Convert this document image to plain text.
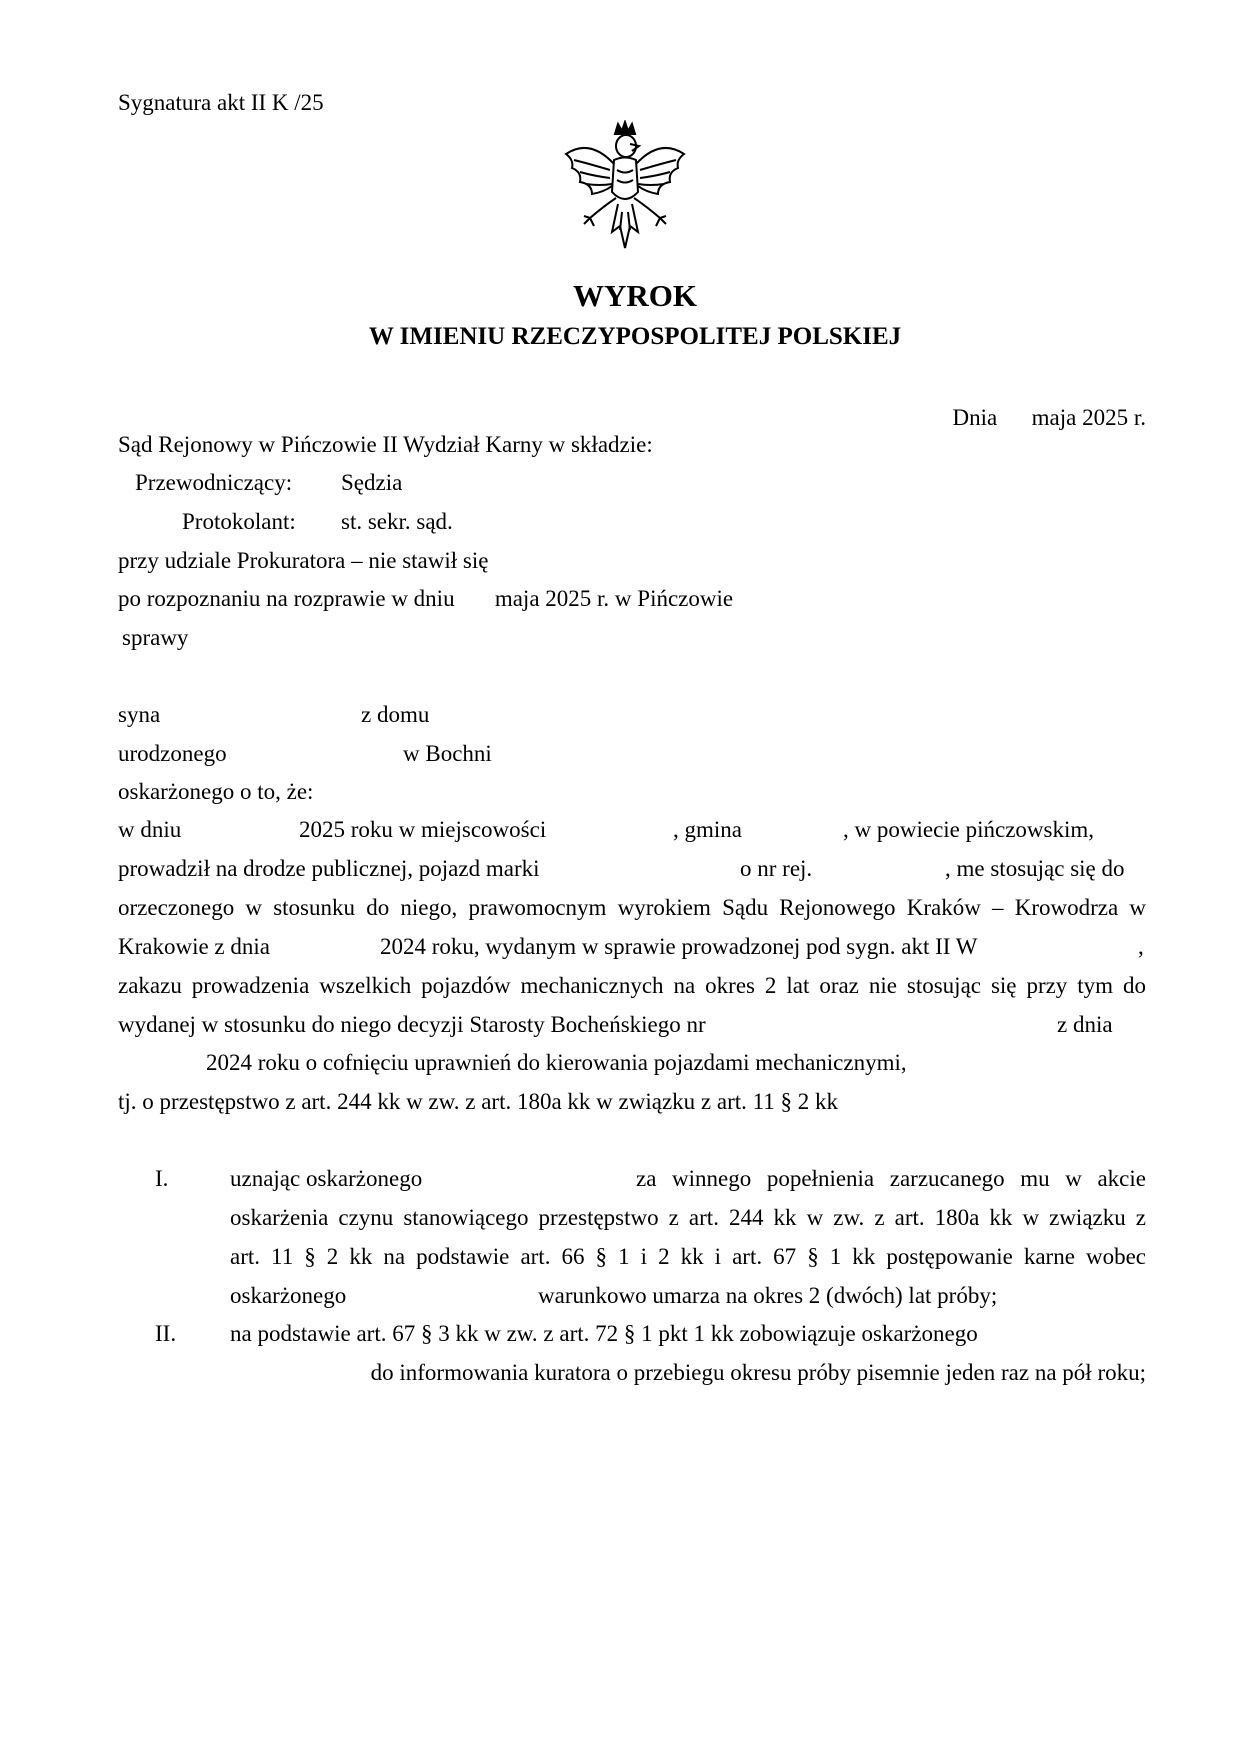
Sygnatura akt II K /25
WYROK
W IMIENIU RZECZYPOSPOLITEJ POLSKIEJ
Dnia      maja 2025 r.
Sąd Rejonowy w Pińczowie II Wydział Karny w składzie:
Przewodniczący: Sędzia
Protokolant: st. sekr. sąd.
przy udziale Prokuratora – nie stawił się
po rozpoznaniu na rozprawie w dniu       maja 2025 r. w Pińczowie
sprawy
syna	z domu
urodzonego	w Bochni
oskarżonego o to, że:
w dniu	2025 roku w miejscowości	, gmina	, w powiecie pińczowskim,
prowadził na drodze publicznej, pojazd marki	o nr rej.	, me stosując się do
orzeczonego w stosunku do niego, prawomocnym wyrokiem Sądu Rejonowego Kraków – Krowodrza w
Krakowie z dnia	2024 roku, wydanym w sprawie prowadzonej pod sygn. akt II W	,
zakazu prowadzenia wszelkich pojazdów mechanicznych na okres 2 lat oraz nie stosując się przy tym do
wydanej w stosunku do niego decyzji Starosty Bocheńskiego nr	z dnia
2024 roku o cofnięciu uprawnień do kierowania pojazdami mechanicznymi,
tj. o przestępstwo z art. 244 kk w zw. z art. 180a kk w związku z art. 11 § 2 kk
I.	uznając oskarżonego	za winnego popełnienia zarzucanego mu w akcie
oskarżenia czynu stanowiącego przestępstwo z art. 244 kk w zw. z art. 180a kk w związku z
art. 11 § 2 kk na podstawie art. 66 § 1 i 2 kk i art. 67 § 1 kk postępowanie karne wobec
oskarżonego	warunkowo umarza na okres 2 (dwóch) lat próby;
II. na podstawie art. 67 § 3 kk w zw. z art. 72 § 1 pkt 1 kk zobowiązuje oskarżonego
do informowania kuratora o przebiegu okresu próby pisemnie jeden raz na pół roku;
